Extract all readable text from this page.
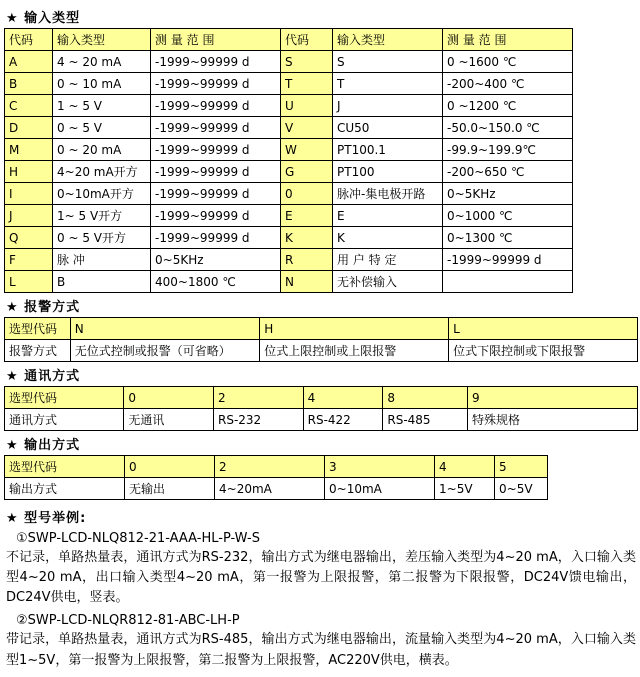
★ 输入类型
代码	输入类型	测 量 范 围	代码	输入类型	测 量 范 围
A	4 ~ 20 mA	-1999~99999 d	S	S	0 ~1600 ℃
B	0 ~ 10 mA	-1999~99999 d	T	T	-200~400 ℃
C	1 ~ 5 V	-1999~99999 d	U	J	0 ~1200 ℃
D	0 ~ 5 V	-1999~99999 d	V	CU50	-50.0~150.0 ℃
M	0 ~ 20 mA	-1999~99999 d	W	PT100.1	-99.9~199.9℃
H	4~20 mA开方	-1999~99999 d	G	PT100	-200~650 ℃
I	0~10mA开方	-1999~99999 d	0	脉冲-集电极开路	0~5KHz
J	1~ 5 V开方	-1999~99999 d	E	E	0~1000 ℃
Q	0 ~ 5 V开方	-1999~99999 d	K	K	0~1300 ℃
F	脉 冲	0~5KHz	R	用 户 特 定	-1999~99999 d
L	B	400~1800 ℃	N	无补偿输入	
★ 报警方式
选型代码	N	H	L
报警方式	无位式控制或报警（可省略）	位式上限控制或上限报警	位式下限控制或下限报警
★ 通讯方式
选型代码	0	2	4	8	9
通讯方式	无通讯	RS-232	RS-422	RS-485	特殊规格
★ 输出方式
选型代码	0	2	3	4	5
输出方式	无输出	4~20mA	0~10mA	1~5V	0~5V
★ 型号举例:
①SWP-LCD-NLQ812-21-AAA-HL-P-W-S
不记录，单路热量表，通讯方式为RS-232，输出方式为继电器输出，差压输入类型为4~20 mA，入口输入类型4~20 mA，出口输入类型4~20 mA，第一报警为上限报警，第二报警为下限报警，DC24V馈电输出，DC24V供电，竖表。
②SWP-LCD-NLQR812-81-ABC-LH-P
带记录，单路热量表，通讯方式为RS-485，输出方式为继电器输出，流量输入类型为4~20 mA，入口输入类型1~5V，第一报警为上限报警，第二报警为上限报警，AC220V供电，横表。
